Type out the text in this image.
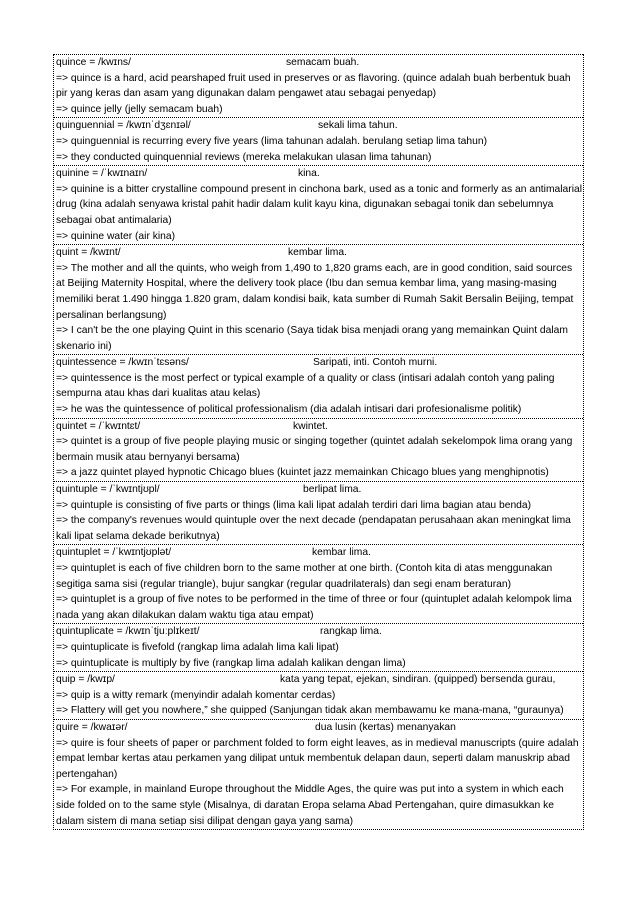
quince = /kwɪns/	semacam buah.

=> quince is a hard, acid pearshaped fruit used in preserves or as flavoring. (quince adalah buah berbentuk buah pir yang keras dan asam yang digunakan dalam pengawet atau sebagai penyedap)

=> quince jelly (jelly semacam buah)

quinguennial = /kwɪnˈdʒɛnɪəl/	sekali lima tahun.

=> quinguennial is recurring every five years (lima tahunan adalah. berulang setiap lima tahun)

=> they conducted quinquennial reviews (mereka melakukan ulasan lima tahunan)

quinine = /ˈkwɪnaɪn/	kina.

=> quinine is a bitter crystalline compound present in cinchona bark, used as a tonic and formerly as an antimalarial drug (kina adalah senyawa kristal pahit hadir dalam kulit kayu kina, digunakan sebagai tonik dan sebelumnya sebagai obat antimalaria)

=> quinine water (air kina)

quint = /kwɪnt/	kembar lima.

=> The mother and all the quints, who weigh from 1,490 to 1,820 grams each, are in good condition, said sources at Beijing Maternity Hospital, where the delivery took place (Ibu dan semua kembar lima, yang masing-masing memiliki berat 1.490 hingga 1.820 gram, dalam kondisi baik, kata sumber di Rumah Sakit Bersalin Beijing, tempat persalinan berlangsung)

=> I can't be the one playing Quint in this scenario (Saya tidak bisa menjadi orang yang memainkan Quint dalam skenario ini)

quintessence = /kwɪnˈtɛsəns/	Saripati, inti. Contoh murni.

=> quintessence is the most perfect or typical example of a quality or class (intisari adalah contoh yang paling sempurna atau khas dari kualitas atau kelas)

=> he was the quintessence of political professionalism (dia adalah intisari dari profesionalisme politik)

quintet = /ˈkwɪntɛt/	kwintet.

=> quintet is a group of five people playing music or singing together (quintet adalah sekelompok lima orang yang bermain musik atau bernyanyi bersama)

=> a jazz quintet played hypnotic Chicago blues (kuintet jazz memainkan Chicago blues yang menghipnotis)

quintuple = /ˈkwɪntjʊpl/	berlipat lima.

=> quintuple is consisting of five parts or things (lima kali lipat adalah terdiri dari lima bagian atau benda)

=> the company's revenues would quintuple over the next decade (pendapatan perusahaan akan meningkat lima kali lipat selama dekade berikutnya)

quintuplet = /ˈkwɪntjʊplət/	kembar lima.

=> quintuplet is each of five children born to the same mother at one birth. (Contoh kita di atas menggunakan segitiga sama sisi (regular triangle), bujur sangkar (regular quadrilaterals) dan segi enam beraturan)

=> quintuplet is a group of five notes to be performed in the time of three or four (quintuplet adalah kelompok lima nada yang akan dilakukan dalam waktu tiga atau empat)

quintuplicate = /kwɪnˈtjuːplɪkeɪt/	rangkap lima.

=> quintuplicate is fivefold (rangkap lima adalah lima kali lipat)

=> quintuplicate is multiply by five (rangkap lima adalah kalikan dengan lima)

quip = /kwɪp/	kata yang tepat, ejekan, sindiran. (quipped) bersenda gurau,

=> quip is a witty remark (menyindir adalah komentar cerdas)

=> Flattery will get you nowhere,” she quipped (Sanjungan tidak akan membawamu ke mana-mana, “guraunya)

quire = /kwaɪər/	dua lusin (kertas) menanyakan

=> quire is four sheets of paper or parchment folded to form eight leaves, as in medieval manuscripts (quire adalah empat lembar kertas atau perkamen yang dilipat untuk membentuk delapan daun, seperti dalam manuskrip abad pertengahan)

=> For example, in mainland Europe throughout the Middle Ages, the quire was put into a system in which each side folded on to the same style (Misalnya, di daratan Eropa selama Abad Pertengahan, quire dimasukkan ke dalam sistem di mana setiap sisi dilipat dengan gaya yang sama)
